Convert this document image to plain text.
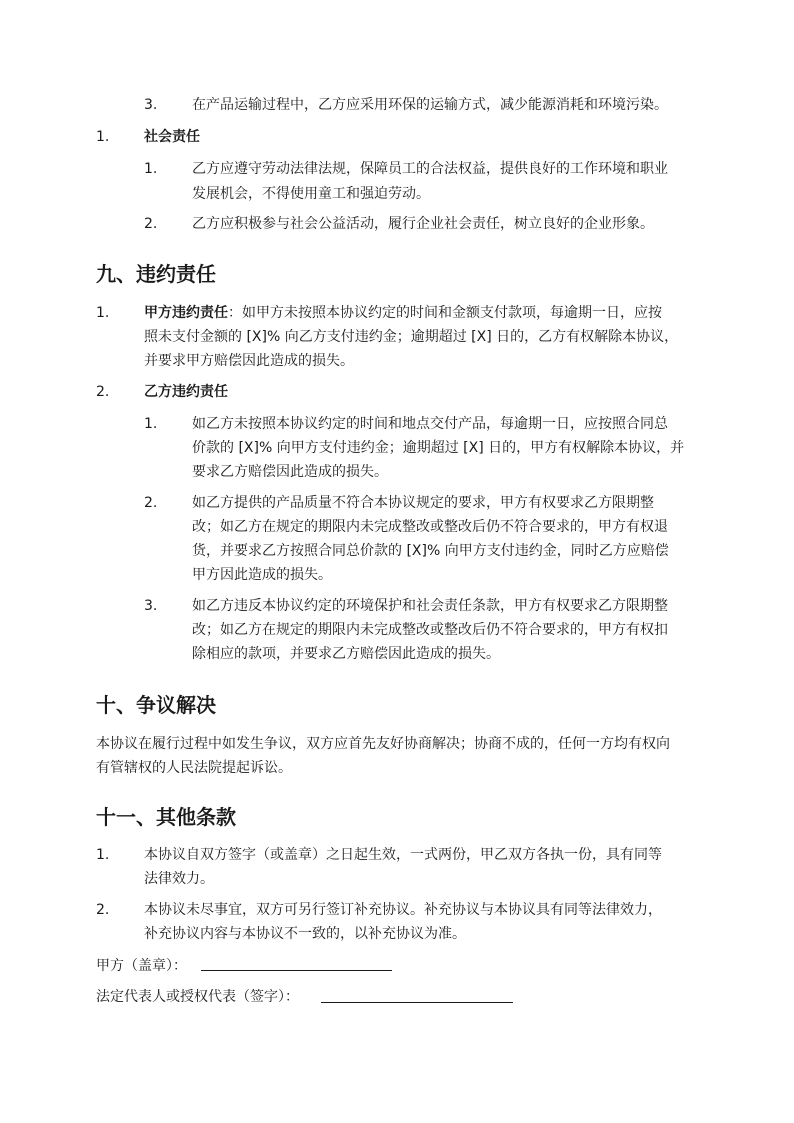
3. 在产品运输过程中，乙方应采用环保的运输方式，减少能源消耗和环境污染。
1. 社会责任
1. 乙方应遵守劳动法律法规，保障员工的合法权益，提供良好的工作环境和职业
发展机会，不得使用童工和强迫劳动。
2. 乙方应积极参与社会公益活动，履行企业社会责任，树立良好的企业形象。
九、违约责任
1. 甲方违约责任：如甲方未按照本协议约定的时间和金额支付款项，每逾期一日，应按
照未支付金额的 [X]% 向乙方支付违约金；逾期超过 [X] 日的，乙方有权解除本协议，
并要求甲方赔偿因此造成的损失。
2. 乙方违约责任
1. 如乙方未按照本协议约定的时间和地点交付产品，每逾期一日，应按照合同总
价款的 [X]% 向甲方支付违约金；逾期超过 [X] 日的，甲方有权解除本协议，并
要求乙方赔偿因此造成的损失。
2. 如乙方提供的产品质量不符合本协议规定的要求，甲方有权要求乙方限期整
改；如乙方在规定的期限内未完成整改或整改后仍不符合要求的，甲方有权退
货，并要求乙方按照合同总价款的 [X]% 向甲方支付违约金，同时乙方应赔偿
甲方因此造成的损失。
3. 如乙方违反本协议约定的环境保护和社会责任条款，甲方有权要求乙方限期整
改；如乙方在规定的期限内未完成整改或整改后仍不符合要求的，甲方有权扣
除相应的款项，并要求乙方赔偿因此造成的损失。
十、争议解决
本协议在履行过程中如发生争议，双方应首先友好协商解决；协商不成的，任何一方均有权向
有管辖权的人民法院提起诉讼。
十一、其他条款
1. 本协议自双方签字（或盖章）之日起生效，一式两份，甲乙双方各执一份，具有同等
法律效力。
2. 本协议未尽事宜，双方可另行签订补充协议。补充协议与本协议具有同等法律效力，
补充协议内容与本协议不一致的，以补充协议为准。
甲方（盖章）：
法定代表人或授权代表（签字）：
